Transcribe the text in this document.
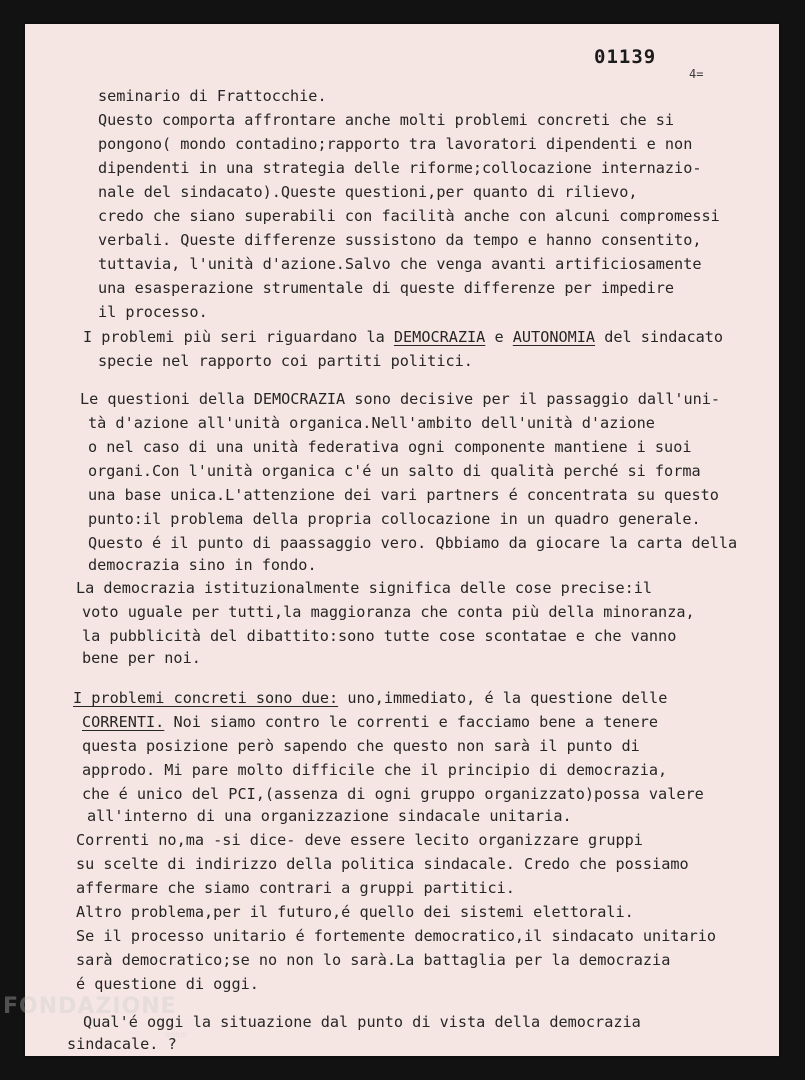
01139
4=
seminario di Frattocchie.
Questo comporta affrontare anche molti problemi concreti che si
pongono( mondo contadino;rapporto tra lavoratori dipendenti e non
dipendenti in una strategia delle riforme;collocazione internazio-
nale del sindacato).Queste questioni,per quanto di rilievo,
credo che siano superabili con facilità anche con alcuni compromessi
verbali. Queste differenze sussistono da tempo e hanno consentito,
tuttavia, l'unità d'azione.Salvo che venga avanti artificiosamente
una esasperazione strumentale di queste differenze per impedire
il processo.
I problemi più seri riguardano la DEMOCRAZIA e AUTONOMIA del sindacato
specie nel rapporto coi partiti politici.
Le questioni della DEMOCRAZIA sono decisive per il passaggio dall'uni-
tà d'azione all'unità organica.Nell'ambito dell'unità d'azione
o nel caso di una unità federativa ogni componente mantiene i suoi
organi.Con l'unità organica c'é un salto di qualità perché si forma
una base unica.L'attenzione dei vari partners é concentrata su questo
punto:il problema della propria collocazione in un quadro generale.
Questo é il punto di paassaggio vero. Qbbiamo da giocare la carta della
democrazia sino in fondo.
La democrazia istituzionalmente significa delle cose precise:il
voto uguale per tutti,la maggioranza che conta più della minoranza,
la pubblicità del dibattito:sono tutte cose scontatae e che vanno
bene per noi.
I problemi concreti sono due: uno,immediato, é la questione delle
CORRENTI. Noi siamo contro le correnti e facciamo bene a tenere
questa posizione però sapendo che questo non sarà il punto di
approdo. Mi pare molto difficile che il principio di democrazia,
che é unico del PCI,(assenza di ogni gruppo organizzato)possa valere
all'interno di una organizzazione sindacale unitaria.
Correnti no,ma -si dice- deve essere lecito organizzare gruppi
su scelte di indirizzo della politica sindacale. Credo che possiamo
affermare che siamo contrari a gruppi partitici.
Altro problema,per il futuro,é quello dei sistemi elettorali.
Se il processo unitario é fortemente democratico,il sindacato unitario
sarà democratico;se no non lo sarà.La battaglia per la democrazia
é questione di oggi.
Qual'é oggi la situazione dal punto di vista della democrazia
sindacale. ?
FONDAZIONE
onlus
